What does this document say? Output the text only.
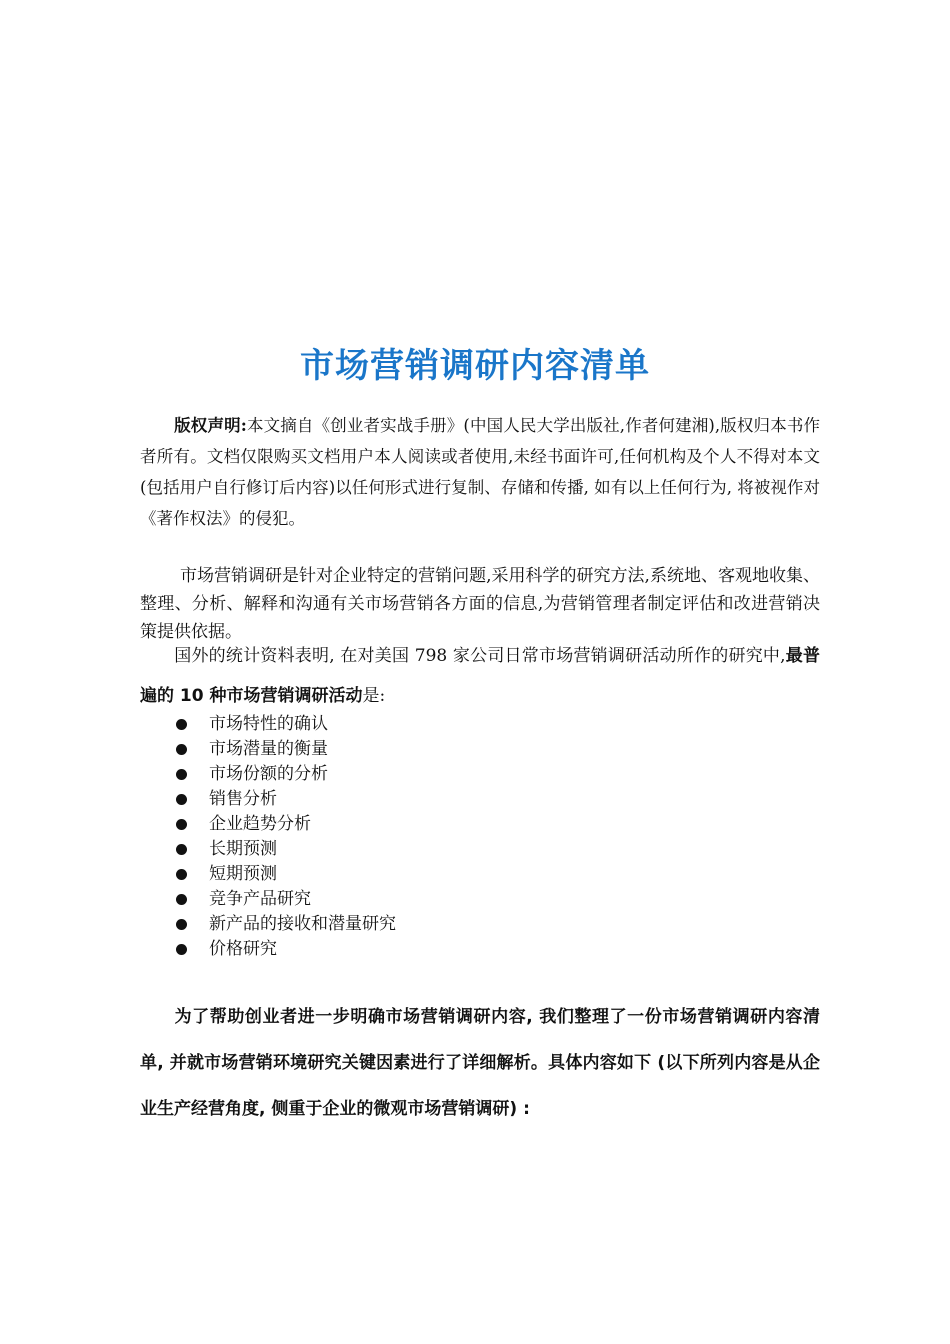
市场营销调研内容清单
版权声明:本文摘自《创业者实战手册》(中国人民大学出版社,作者何建湘),版权归本书作者所有。文档仅限购买文档用户本人阅读或者使用,未经书面许可,任何机构及个人不得对本文(包括用户自行修订后内容)以任何形式进行复制、存储和传播, 如有以上任何行为, 将被视作对《著作权法》的侵犯。
市场营销调研是针对企业特定的营销问题,采用科学的研究方法,系统地、客观地收集、整理、分析、解释和沟通有关市场营销各方面的信息,为营销管理者制定评估和改进营销决策提供依据。
国外的统计资料表明, 在对美国 798 家公司日常市场营销调研活动所作的研究中,最普遍的 10 种市场营销调研活动是:
市场特性的确认
市场潜量的衡量
市场份额的分析
销售分析
企业趋势分析
长期预测
短期预测
竞争产品研究
新产品的接收和潜量研究
价格研究
为了帮助创业者进一步明确市场营销调研内容, 我们整理了一份市场营销调研内容清单, 并就市场营销环境研究关键因素进行了详细解析。具体内容如下 (以下所列内容是从企业生产经营角度, 侧重于企业的微观市场营销调研) :
